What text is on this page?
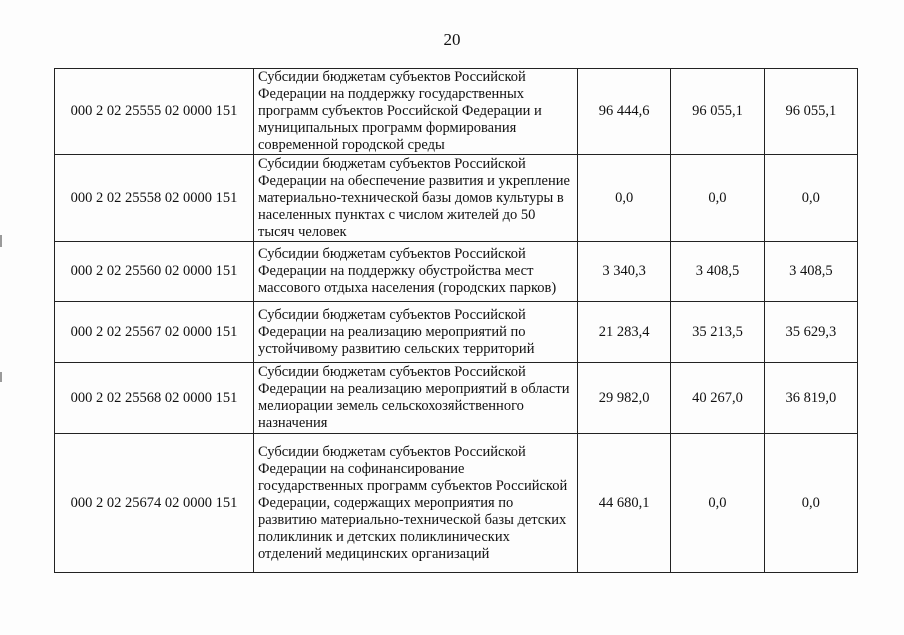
20
000 2 02 25555 02 0000 151	Субсидии бюджетам субъектов Российской Федерации на поддержку государственных программ субъектов Российской Федерации и муниципальных программ формирования современной городской среды	96 444,6	96 055,1	96 055,1
000 2 02 25558 02 0000 151	Субсидии бюджетам субъектов Российской Федерации на обеспечение развития и укрепление материально-технической базы домов культуры в населенных пунктах с числом жителей до 50 тысяч человек	0,0	0,0	0,0
000 2 02 25560 02 0000 151	Субсидии бюджетам субъектов Российской Федерации на поддержку обустройства мест массового отдыха населения (городских парков)	3 340,3	3 408,5	3 408,5
000 2 02 25567 02 0000 151	Субсидии бюджетам субъектов Российской Федерации на реализацию мероприятий по устойчивому развитию сельских территорий	21 283,4	35 213,5	35 629,3
000 2 02 25568 02 0000 151	Субсидии бюджетам субъектов Российской Федерации на реализацию мероприятий в области мелиорации земель сельскохозяйственного назначения	29 982,0	40 267,0	36 819,0
000 2 02 25674 02 0000 151	Субсидии бюджетам субъектов Российской Федерации на софинансирование государственных программ субъектов Российской Федерации, содержащих мероприятия по развитию материально-технической базы детских поликлиник и детских поликлинических отделений медицинских организаций	44 680,1	0,0	0,0
